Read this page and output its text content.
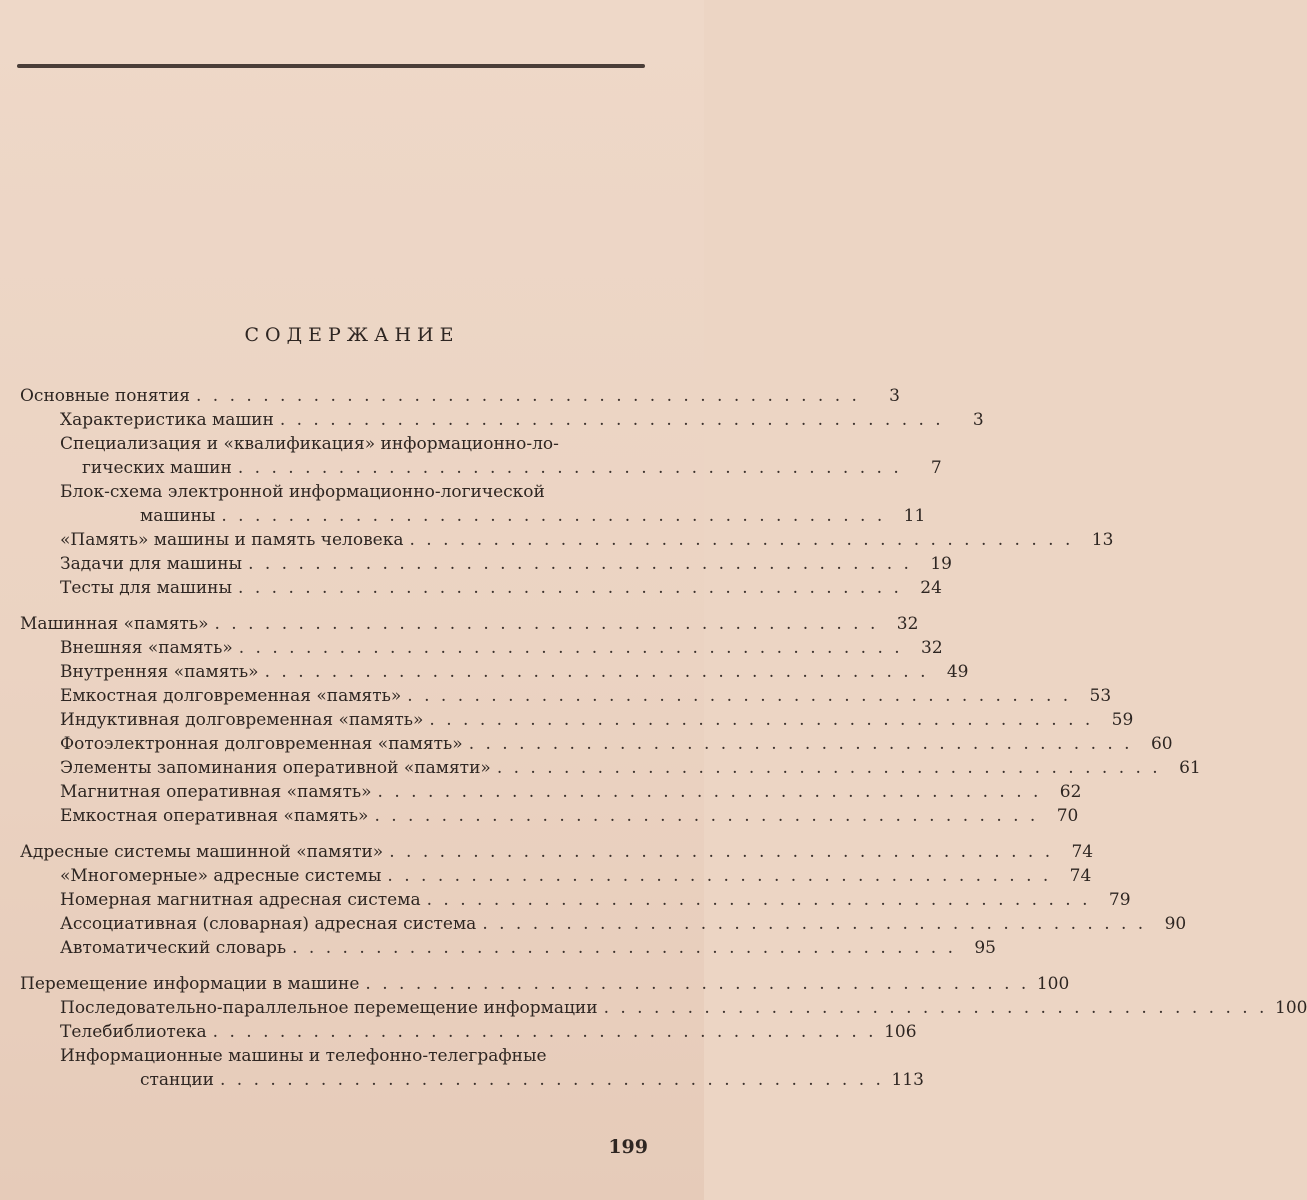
СОДЕРЖАНИЕ
Основные понятия . . . . . . . . . . . . . . . . . . . . . . . . . . . . . . . . . . . . . . . .	3
Характеристика машин . . . . . . . . . . . . . . . . . . . . . . . . . . . . . . . . . . . . . . . .	3
Специализация и «квалификация» информационно-ло-
гических машин . . . . . . . . . . . . . . . . . . . . . . . . . . . . . . . . . . . . . . . .	7
Блок-схема электронной информационно-логической
машины . . . . . . . . . . . . . . . . . . . . . . . . . . . . . . . . . . . . . . . .	11
«Память» машины и память человека . . . . . . . . . . . . . . . . . . . . . . . . . . . . . . . . . . . . . . . .	13
Задачи для машины . . . . . . . . . . . . . . . . . . . . . . . . . . . . . . . . . . . . . . . .	19
Тесты для машины . . . . . . . . . . . . . . . . . . . . . . . . . . . . . . . . . . . . . . . .	24
Машинная «память» . . . . . . . . . . . . . . . . . . . . . . . . . . . . . . . . . . . . . . . .	32
Внешняя «память» . . . . . . . . . . . . . . . . . . . . . . . . . . . . . . . . . . . . . . . .	32
Внутренняя «память» . . . . . . . . . . . . . . . . . . . . . . . . . . . . . . . . . . . . . . . .	49
Емкостная долговременная «память» . . . . . . . . . . . . . . . . . . . . . . . . . . . . . . . . . . . . . . . .	53
Индуктивная долговременная «память» . . . . . . . . . . . . . . . . . . . . . . . . . . . . . . . . . . . . . . . .	59
Фотоэлектронная долговременная «память» . . . . . . . . . . . . . . . . . . . . . . . . . . . . . . . . . . . . . . . .	60
Элементы запоминания оперативной «памяти» . . . . . . . . . . . . . . . . . . . . . . . . . . . . . . . . . . . . . . . .	61
Магнитная оперативная «память» . . . . . . . . . . . . . . . . . . . . . . . . . . . . . . . . . . . . . . . .	62
Емкостная оперативная «память» . . . . . . . . . . . . . . . . . . . . . . . . . . . . . . . . . . . . . . . .	70
Адресные системы машинной «памяти» . . . . . . . . . . . . . . . . . . . . . . . . . . . . . . . . . . . . . . . .	74
«Многомерные» адресные системы . . . . . . . . . . . . . . . . . . . . . . . . . . . . . . . . . . . . . . . .	74
Номерная магнитная адресная система . . . . . . . . . . . . . . . . . . . . . . . . . . . . . . . . . . . . . . . .	79
Ассоциативная (словарная) адресная система . . . . . . . . . . . . . . . . . . . . . . . . . . . . . . . . . . . . . . . .	90
Автоматический словарь . . . . . . . . . . . . . . . . . . . . . . . . . . . . . . . . . . . . . . . .	95
Перемещение информации в машине . . . . . . . . . . . . . . . . . . . . . . . . . . . . . . . . . . . . . . . . 100
Последовательно-параллельное перемещение информации . . . . . . . . . . . . . . . . . . . . . . . . . . . . . . . . . . . . . . . . 100
Телебиблиотека . . . . . . . . . . . . . . . . . . . . . . . . . . . . . . . . . . . . . . . . 106
Информационные машины и телефонно-телеграфные
станции . . . . . . . . . . . . . . . . . . . . . . . . . . . . . . . . . . . . . . . . 113
199
